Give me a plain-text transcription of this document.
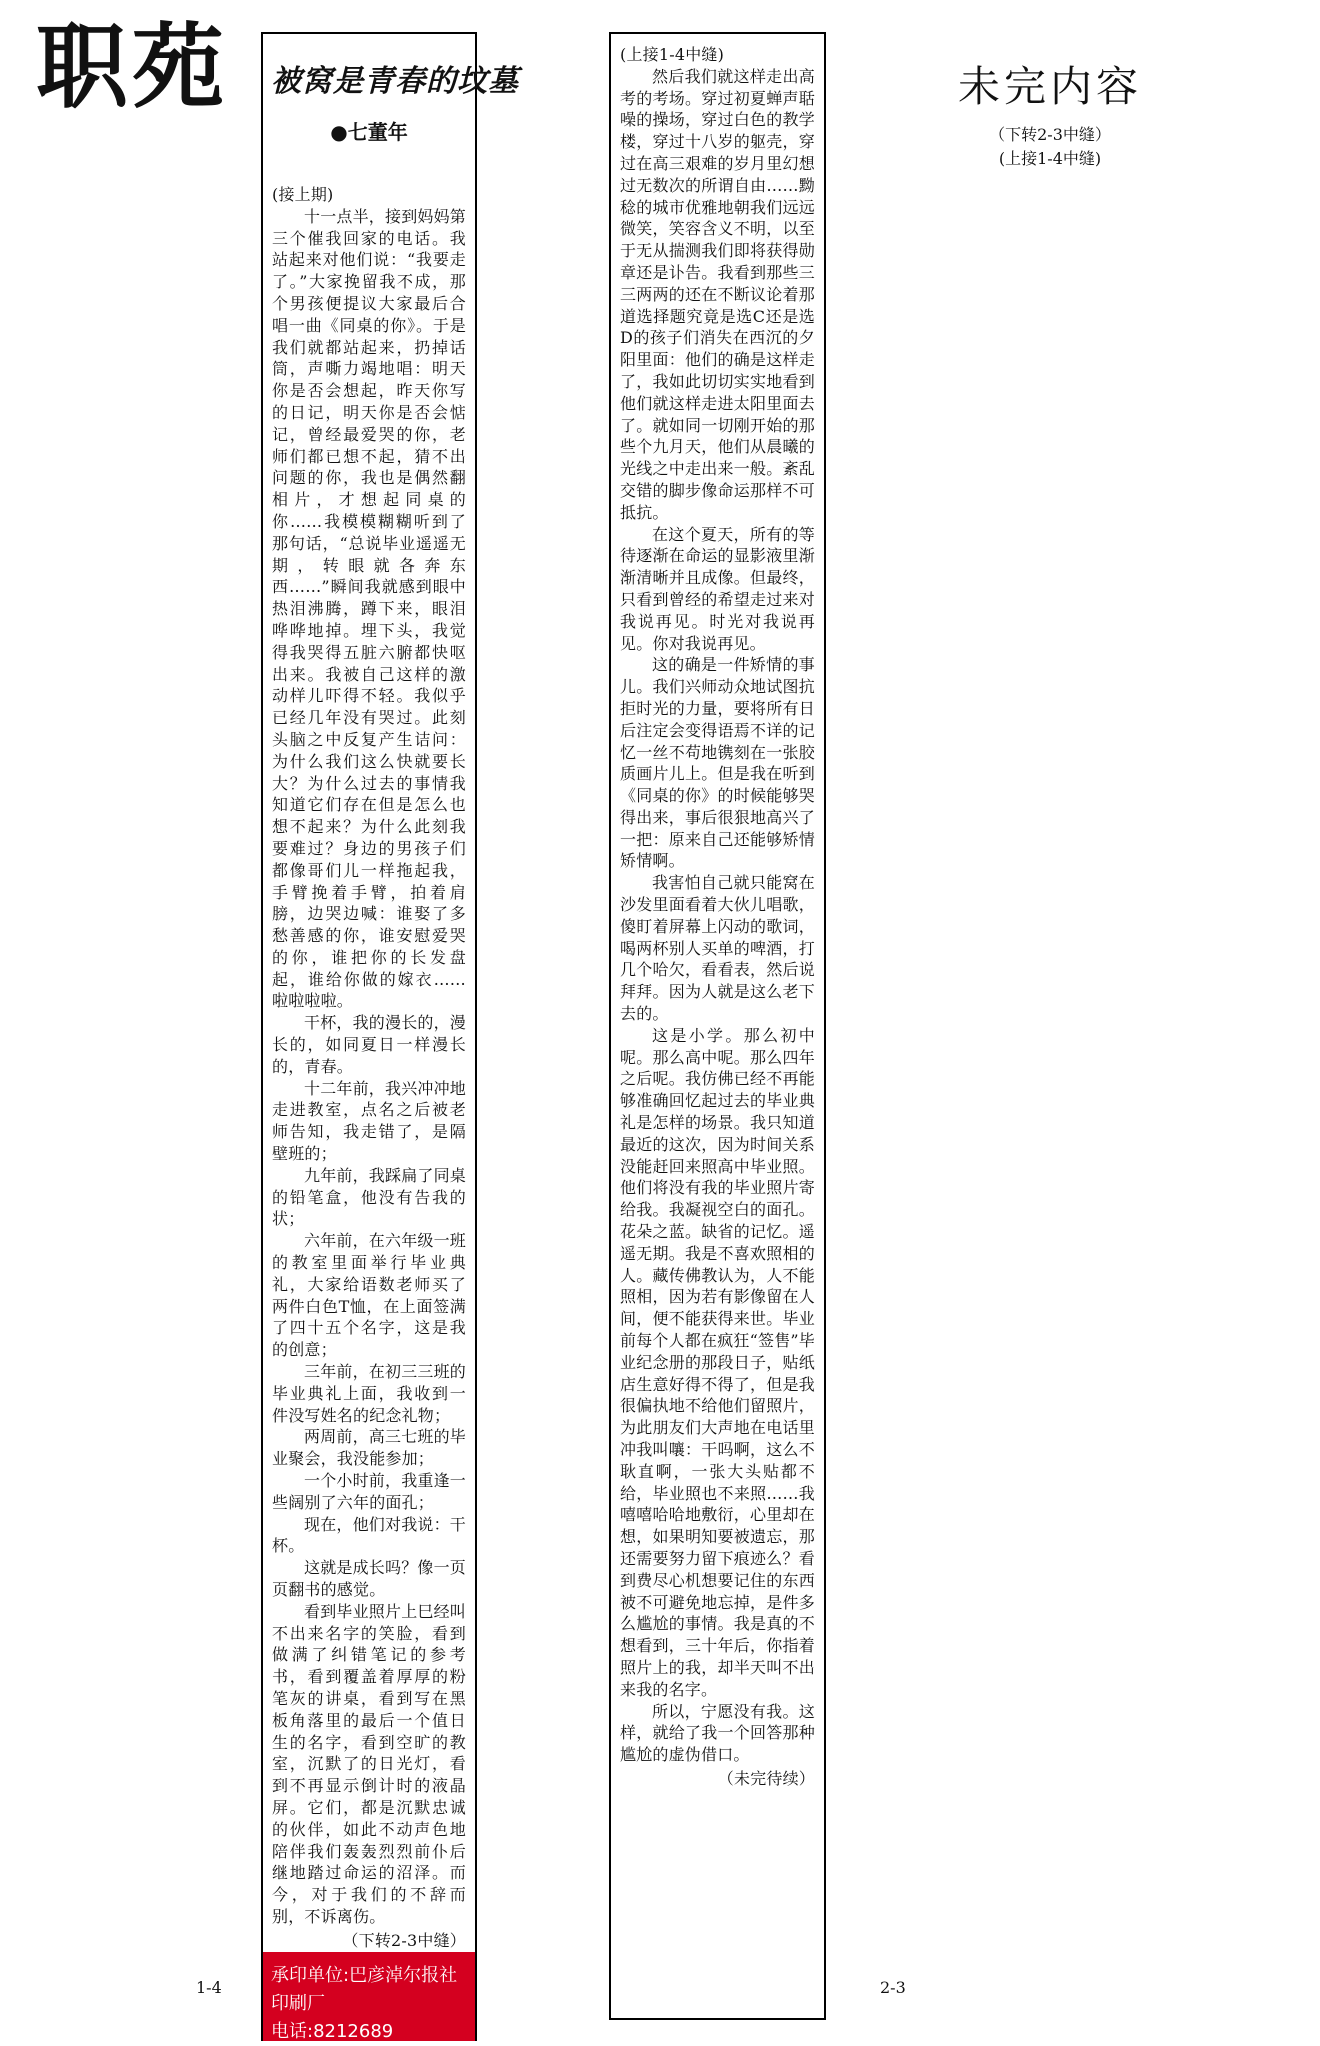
职苑 被窝是青春的坟墓
●七董年

(接上期)

十一点半，接到妈妈第三个催我回家的电话。我站起来对他们说：“我要走了。”大家挽留我不成，那个男孩便提议大家最后合唱一曲《同桌的你》。于是我们就都站起来，扔掉话筒，声嘶力竭地唱：明天你是否会想起，昨天你写的日记，明天你是否会惦记，曾经最爱哭的你，老师们都已想不起，猜不出问题的你，我也是偶然翻相片，才想起同桌的你……我模模糊糊听到了那句话，“总说毕业遥遥无期，转眼就各奔东西……”瞬间我就感到眼中热泪沸腾，蹲下来，眼泪哗哗地掉。埋下头，我觉得我哭得五脏六腑都快呕出来。我被自己这样的激动样儿吓得不轻。我似乎已经几年没有哭过。此刻头脑之中反复产生诘问：为什么我们这么快就要长大？为什么过去的事情我知道它们存在但是怎么也想不起来？为什么此刻我要难过？身边的男孩子们都像哥们儿一样拖起我，手臂挽着手臂，拍着肩膀，边哭边喊：谁娶了多愁善感的你，谁安慰爱哭的你，谁把你的长发盘起，谁给你做的嫁衣……啦啦啦啦。

干杯，我的漫长的，漫长的，如同夏日一样漫长的，青春。

十二年前，我兴冲冲地走进教室，点名之后被老师告知，我走错了，是隔壁班的；

九年前，我踩扁了同桌的铅笔盒，他没有告我的状；

六年前，在六年级一班的教室里面举行毕业典礼，大家给语数老师买了两件白色T恤，在上面签满了四十五个名字，这是我的创意；

三年前，在初三三班的毕业典礼上面，我收到一件没写姓名的纪念礼物；

两周前，高三七班的毕业聚会，我没能参加；

一个小时前，我重逢一些阔别了六年的面孔；

现在，他们对我说：干杯。

这就是成长吗？像一页页翻书的感觉。

看到毕业照片上巳经叫不出来名字的笑脸，看到做满了纠错笔记的参考书，看到覆盖着厚厚的粉笔灰的讲桌，看到写在黑板角落里的最后一个值日生的名字，看到空旷的教室，沉默了的日光灯，看到不再显示倒计时的液晶屏。它们，都是沉默忠诚的伙伴，如此不动声色地陪伴我们轰轰烈烈前仆后继地踏过命运的沼泽。而今，对于我们的不辞而别，不诉离伤。

（下转2-3中缝）

承印单位:巴彦淖尔报社印刷厂
电话:8212689

(上接1-4中缝)

然后我们就这样走出高考的考场。穿过初夏蝉声聒噪的操场，穿过白色的教学楼，穿过十八岁的躯壳，穿过在高三艰难的岁月里幻想过无数次的所谓自由……黝稔的城市优雅地朝我们远远微笑，笑容含义不明，以至于无从揣测我们即将获得勋章还是讣告。我看到那些三三两两的还在不断议论着那道选择题究竟是选C还是选D的孩子们消失在西沉的夕阳里面：他们的确是这样走了，我如此切切实实地看到他们就这样走进太阳里面去了。就如同一切刚开始的那些个九月天，他们从晨曦的光线之中走出来一般。紊乱交错的脚步像命运那样不可抵抗。

在这个夏天，所有的等待逐渐在命运的显影液里渐渐清晰并且成像。但最终，只看到曾经的希望走过来对我说再见。时光对我说再见。你对我说再见。

这的确是一件矫情的事儿。我们兴师动众地试图抗拒时光的力量，要将所有日后注定会变得语焉不详的记忆一丝不苟地镌刻在一张胶质画片儿上。但是我在听到《同桌的你》的时候能够哭得出来，事后很狠地高兴了一把：原来自己还能够矫情矫情啊。

我害怕自己就只能窝在沙发里面看着大伙儿唱歌，傻盯着屏幕上闪动的歌词，喝两杯别人买单的啤酒，打几个哈欠，看看表，然后说拜拜。因为人就是这么老下去的。

这是小学。那么初中呢。那么高中呢。那么四年之后呢。我仿佛已经不再能够准确回忆起过去的毕业典礼是怎样的场景。我只知道最近的这次，因为时间关系没能赶回来照高中毕业照。他们将没有我的毕业照片寄给我。我凝视空白的面孔。花朵之蓝。缺省的记忆。遥遥无期。我是不喜欢照相的人。藏传佛教认为，人不能照相，因为若有影像留在人间，便不能获得来世。毕业前每个人都在疯狂“签售”毕业纪念册的那段日子，贴纸店生意好得不得了，但是我很偏执地不给他们留照片，为此朋友们大声地在电话里冲我叫嚷：干吗啊，这么不耿直啊，一张大头贴都不给，毕业照也不来照……我嘻嘻哈哈地敷衍，心里却在想，如果明知要被遗忘，那还需要努力留下痕迹么？看到费尽心机想要记住的东西被不可避免地忘掉，是件多么尴尬的事情。我是真的不想看到，三十年后，你指着照片上的我，却半天叫不出来我的名字。

所以，宁愿没有我。这样，就给了我一个回答那种尴尬的虚伪借口。

（未完待续）

未完内容
（下转2-3中缝）
(上接1-4中缝)
1-4	2-3
